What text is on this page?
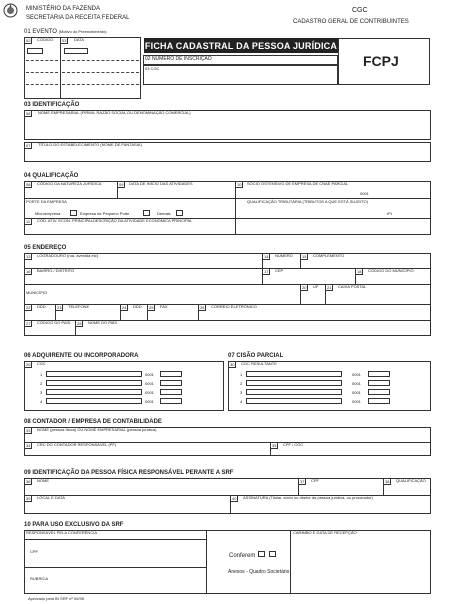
MINISTÉRIO DA FAZENDA
SECRETARIA DA RECEITA FEDERAL
CGC
CADASTRO GERAL DE CONTRIBUINTES
01 EVENTO (Motivo do Preenchimento)
02	CÓDIGO	03	DATA
FICHA CADASTRAL DA PESSOA JURÍDICA
02 NÚMERO DE INSCRIÇÃO
03 CGC	FCPJ
03 IDENTIFICAÇÃO
06	NOME EMPRESARIAL (FIRMA, RAZÃO SOCIAL OU DENOMINAÇÃO COMERCIAL)
07	TÍTULO DO ESTABELECIMENTO (NOME DE FANTASIA)
04 QUALIFICAÇÃO
08	CÓDIGO DA NATUREZA JURÍDICA	09	DATA DE INÍCIO DAS ATIVIDADES	10	SÓCIO OSTENSIVO DE EMPRESA DE CNAE PARCIAL
0001
PORTE DA EMPRESA
Microempresa	Empresa de Pequeno Porte	Demais
QUALIFICAÇÃO TRIBUTÁRIA (TRIBUTOS A QUE ESTÁ SUJEITO)
IPI
11	CÓD. ATIV. ECON. PRINCIPAL DESCRIÇÃO DA ATIVIDADE ECONÔMICA PRINCIPAL
05 ENDEREÇO
13	LOGRADOURO (rua, avenida etc)	14	NÚMERO	15	COMPLEMENTO
16	BAIRRO / DISTRITO	17	CEP	18	CÓDIGO DO MUNICÍPIO
MUNICÍPIO
20	UF	21	CAIXA POSTAL
22	DDD	23	TELEFONE	24	DDD	25	FAX	26	CORREIO ELETRÔNICO
27	CÓDIGO DO PAÍS	28	NOME DO PAÍS
06 ADQUIRENTE OU INCORPORADORA
29	CGC
1	0001
2	0001
3	0001
4	0001
07 CISÃO PARCIAL
30	CGC RESULTANTE
1	0001
2	0001
3	0001
4	0001
08 CONTADOR / EMPRESA DE CONTABILIDADE
33	NOME (pessoa física) OU NOME EMPRESARIAL (pessoa jurídica)
34	CRC DO CONTADOR RESPONSÁVEL (PF)	35	CPF / CGC
09 IDENTIFICAÇÃO DA PESSOA FÍSICA RESPONSÁVEL PERANTE A SRF
36	NOME	37	CPF	38	QUALIFICAÇÃO
39	LOCAL E DATA	40	ASSINATURA (Titular, sócio ou diretor da pessoa jurídica, ou procurador)
10 PARA USO EXCLUSIVO DA SRF
RESPONSÁVEL PELA CONFERÊNCIA
CPF
RUBRICA
Conferem
Anexos - Quadro Societário
CARIMBO E DATA DE RECEPÇÃO
Aprovado pela IN SRF nº 00/95
